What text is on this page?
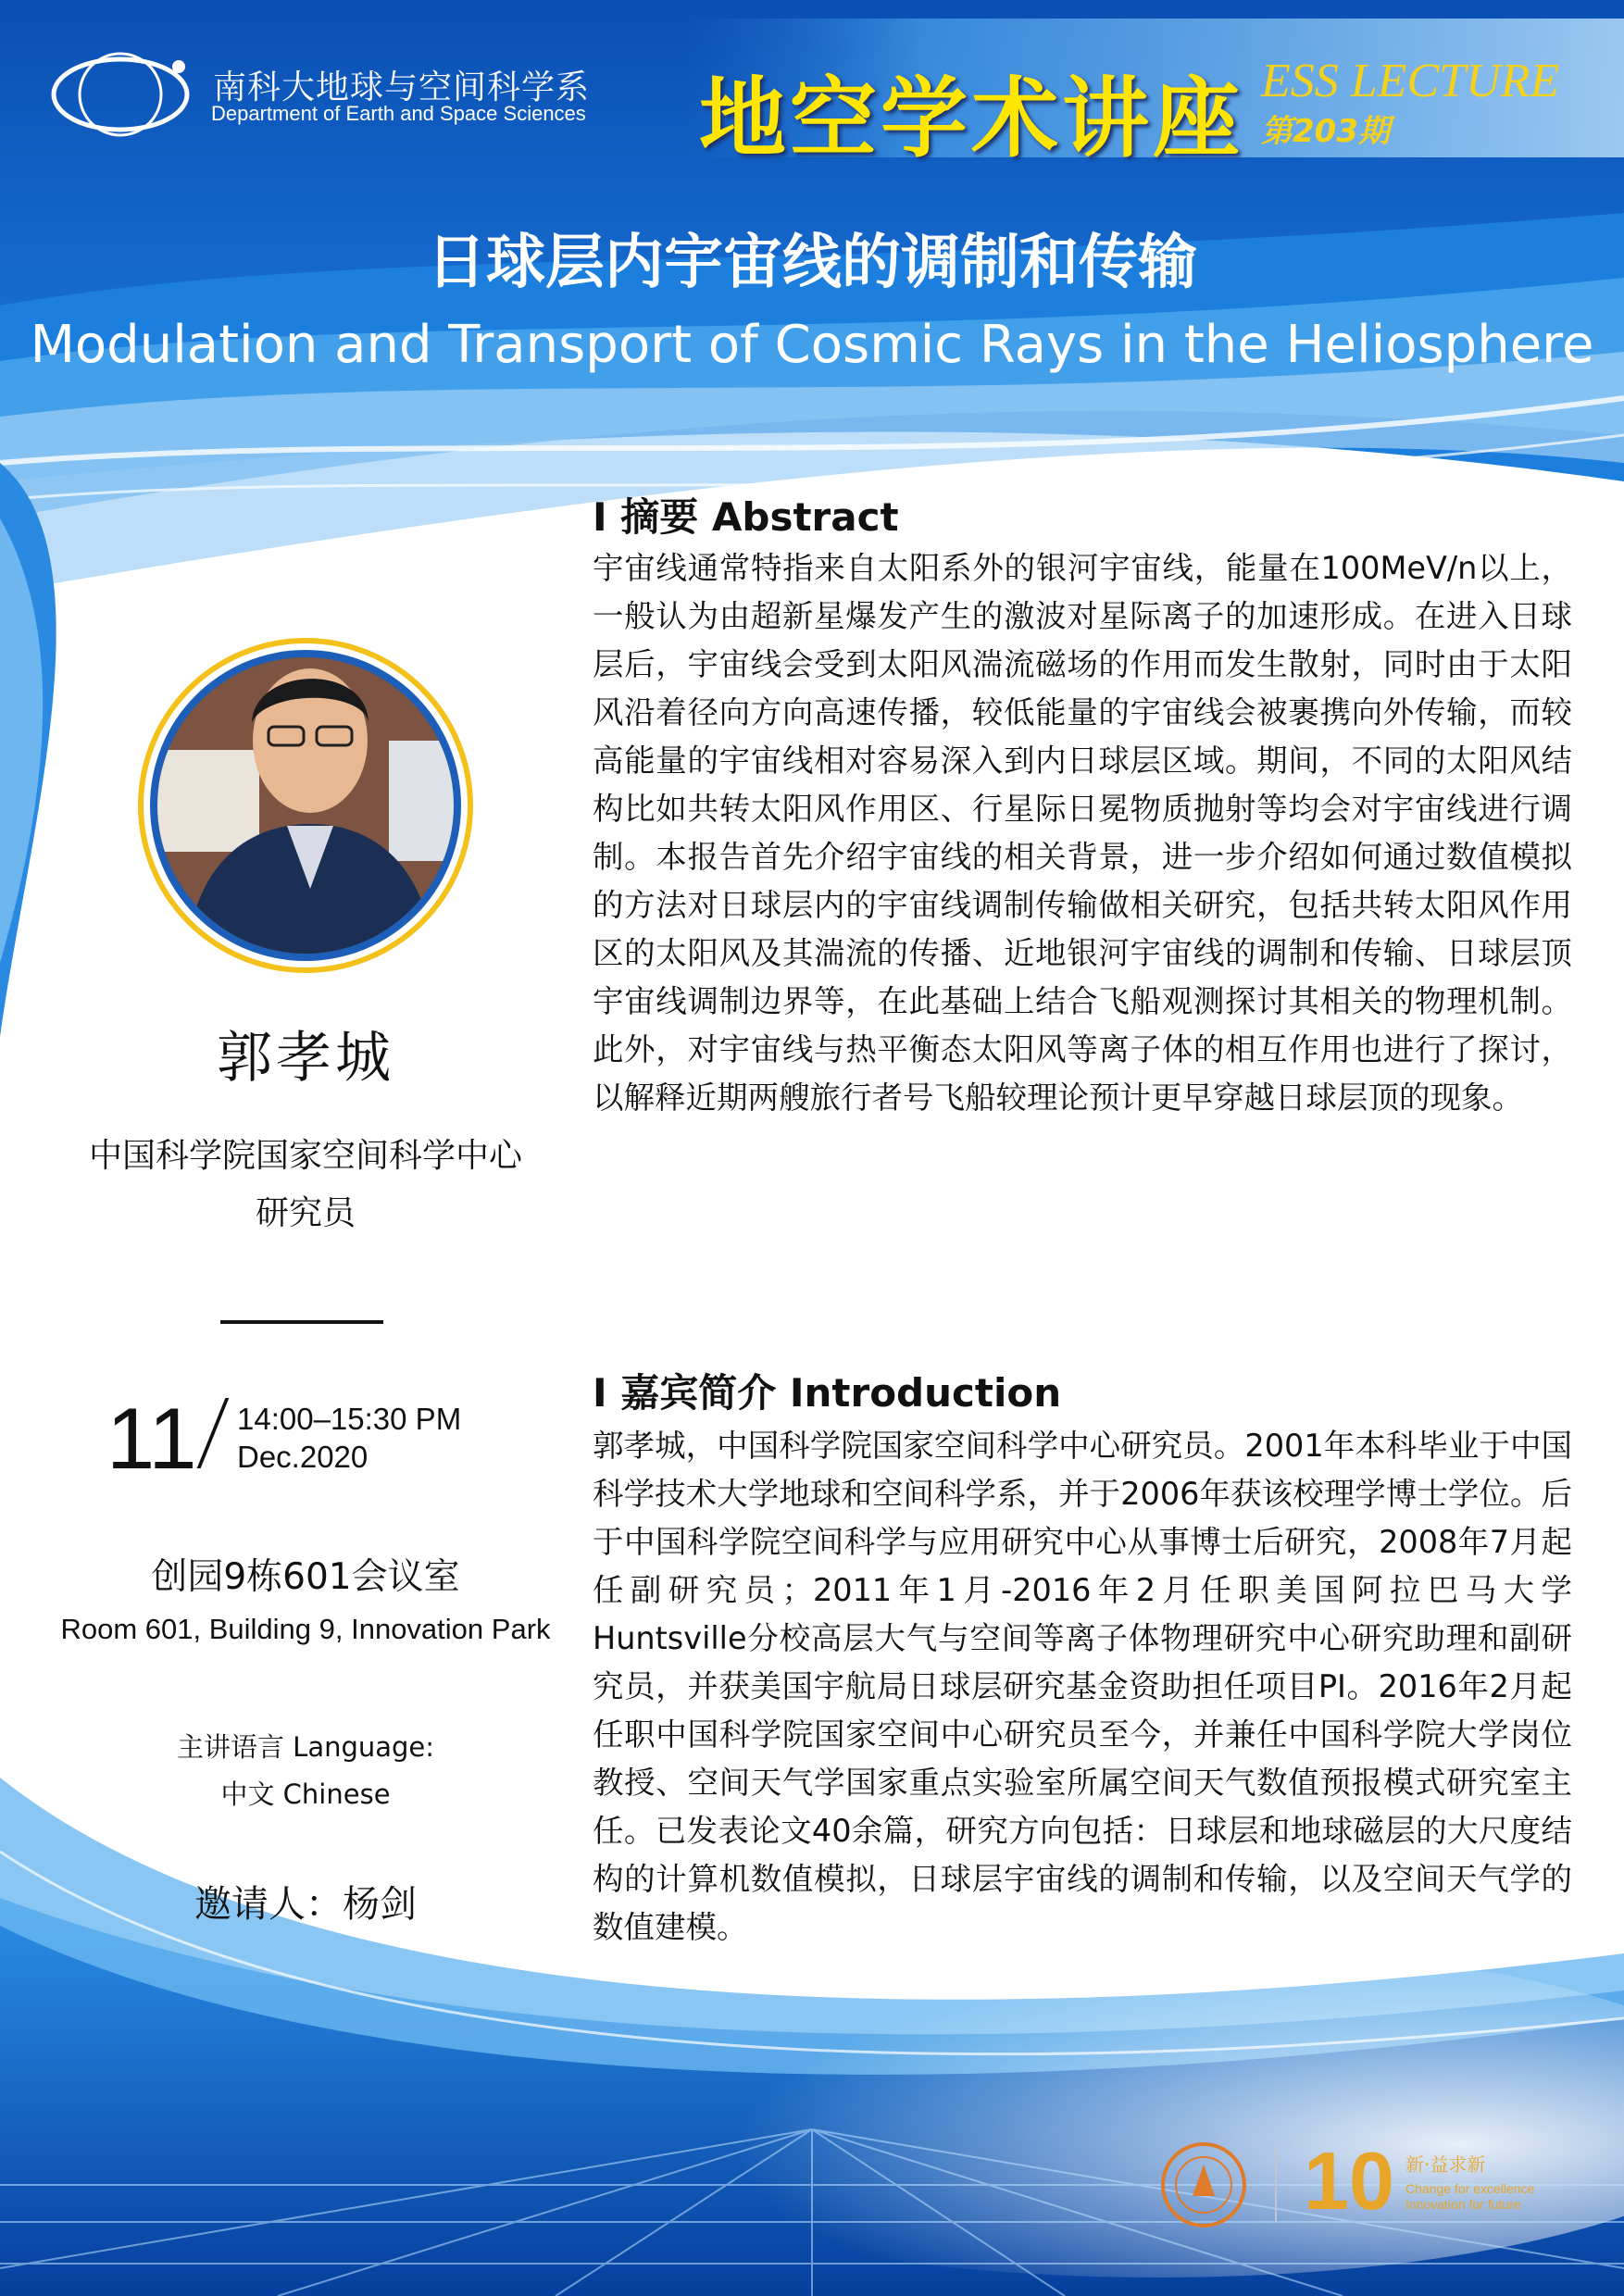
南科大地球与空间科学系
Department of Earth and Space Sciences 地空学术讲座 ESS LECTURE
第203期
日球层内宇宙线的调制和传输
Modulation and Transport of Cosmic Rays in the Heliosphere
I 摘要 Abstract
宇宙线通常特指来自太阳系外的银河宇宙线，能量在100MeV/n以上，一般认为由超新星爆发产生的激波对星际离子的加速形成。在进入日球层后，宇宙线会受到太阳风湍流磁场的作用而发生散射，同时由于太阳风沿着径向方向高速传播，较低能量的宇宙线会被裹携向外传输，而较高能量的宇宙线相对容易深入到内日球层区域。期间，不同的太阳风结构比如共转太阳风作用区、行星际日冕物质抛射等均会对宇宙线进行调制。本报告首先介绍宇宙线的相关背景，进一步介绍如何通过数值模拟的方法对日球层内的宇宙线调制传输做相关研究，包括共转太阳风作用区的太阳风及其湍流的传播、近地银河宇宙线的调制和传输、日球层顶宇宙线调制边界等，在此基础上结合飞船观测探讨其相关的物理机制。此外，对宇宙线与热平衡态太阳风等离子体的相互作用也进行了探讨，以解释近期两艘旅行者号飞船较理论预计更早穿越日球层顶的现象。
I 嘉宾简介 Introduction
郭孝城，中国科学院国家空间科学中心研究员。2001年本科毕业于中国科学技术大学地球和空间科学系，并于2006年获该校理学博士学位。后于中国科学院空间科学与应用研究中心从事博士后研究，2008年7月起任副研究员；2011年1月-2016年2月任职美国阿拉巴马大学Huntsville分校高层大气与空间等离子体物理研究中心研究助理和副研究员，并获美国宇航局日球层研究基金资助担任项目PI。2016年2月起任职中国科学院国家空间中心研究员至今，并兼任中国科学院大学岗位教授、空间天气学国家重点实验室所属空间天气数值预报模式研究室主任。已发表论文40余篇，研究方向包括：日球层和地球磁层的大尺度结构的计算机数值模拟，日球层宇宙线的调制和传输，以及空间天气学的数值建模。
郭孝城
中国科学院国家空间科学中心
研究员
11 14:00–15:30 PM
Dec.2020
创园9栋601会议室
Room 601, Building 9, Innovation Park
主讲语言 Language:
中文 Chinese
邀请人：杨剑
10 新·益求新
Change for excellence
Innovation for future
